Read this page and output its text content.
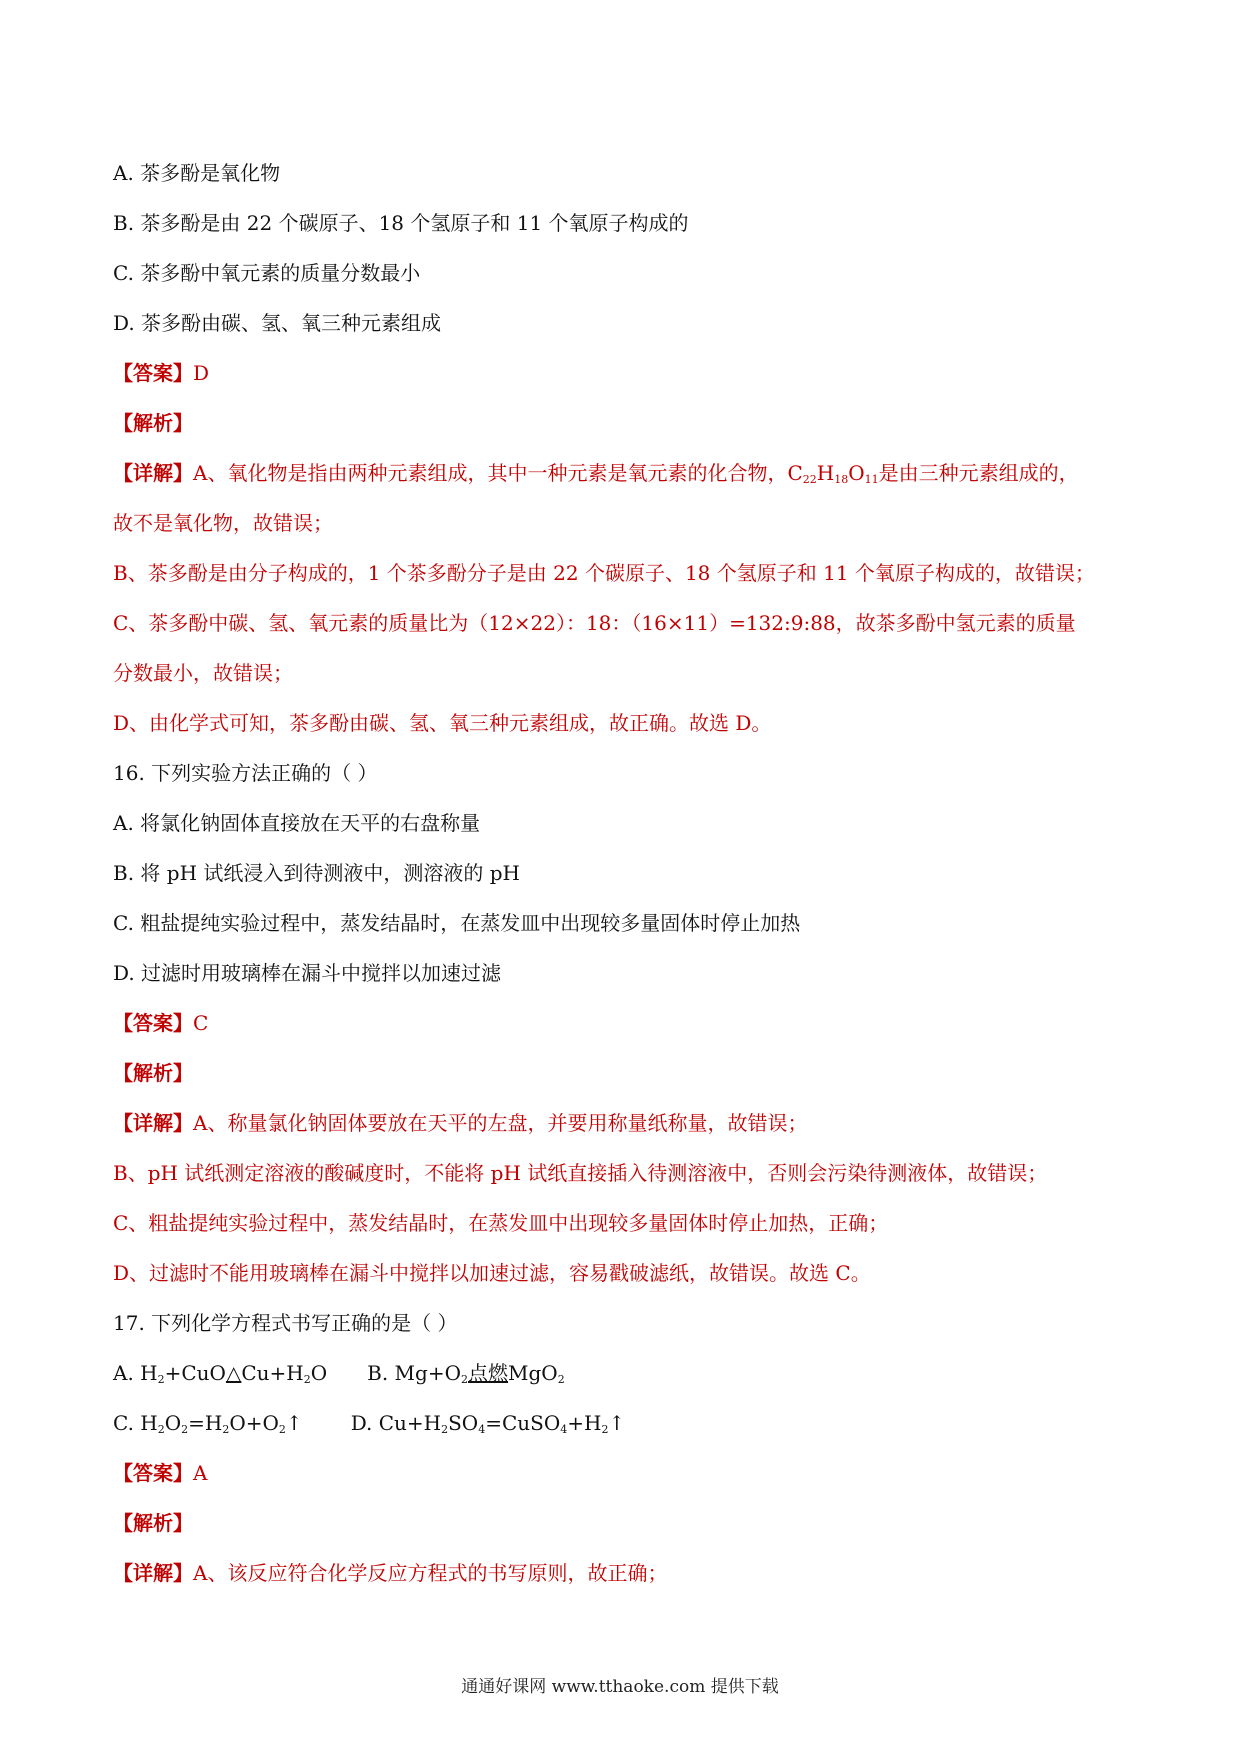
A. 茶多酚是氧化物
B. 茶多酚是由 22 个碳原子、18 个氢原子和 11 个氧原子构成的
C. 茶多酚中氧元素的质量分数最小
D. 茶多酚由碳、氢、氧三种元素组成
【答案】D
【解析】
【详解】A、氧化物是指由两种元素组成，其中一种元素是氧元素的化合物，$C_{22}H_{18}O_{11}$是由三种元素组成的，
故不是氧化物，故错误；
B、茶多酚是由分子构成的，1 个茶多酚分子是由 22 个碳原子、18 个氢原子和 11 个氧原子构成的，故错误；
C、茶多酚中碳、氢、氧元素的质量比为（12×22）：18：（16×11）=132:9:88，故茶多酚中氢元素的质量
分数最小，故错误；
D、由化学式可知，茶多酚由碳、氢、氧三种元素组成，故正确。故选 D。
16. 下列实验方法正确的（ ）
A. 将氯化钠固体直接放在天平的右盘称量
B. 将 pH 试纸浸入到待测液中，测溶液的 pH
C. 粗盐提纯实验过程中，蒸发结晶时，在蒸发皿中出现较多量固体时停止加热
D. 过滤时用玻璃棒在漏斗中搅拌以加速过滤
【答案】C
【解析】
【详解】A、称量氯化钠固体要放在天平的左盘，并要用称量纸称量，故错误；
B、pH 试纸测定溶液的酸碱度时，不能将 pH 试纸直接插入待测溶液中，否则会污染待测液体，故错误；
C、粗盐提纯实验过程中，蒸发结晶时，在蒸发皿中出现较多量固体时停止加热，正确；
D、过滤时不能用玻璃棒在漏斗中搅拌以加速过滤，容易戳破滤纸，故错误。故选 C。
17. 下列化学方程式书写正确的是（ ）
A. $H_2+CuO\triangle Cu+H_2O$ B. $Mg+O_2$点燃MgO$_2$
C. $H_2O_2=H_2O+O_2↑$ D. $Cu+H_2SO_4=CuSO_4+H_2↑$
【答案】A
【解析】
【详解】A、该反应符合化学反应方程式的书写原则，故正确；
通通好课网 www.tthaoke.com 提供下载
